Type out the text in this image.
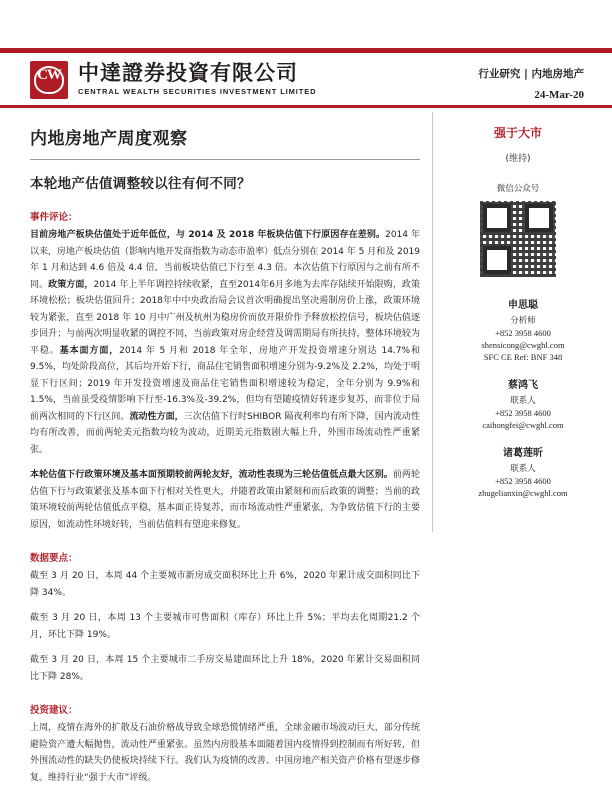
CW 中達證券投資有限公司
CENTRAL WEALTH SECURITIES INVESTMENT LIMITED
行业研究 | 内地房地产
24-Mar-20
内地房地产周度观察
本轮地产估值调整较以往有何不同？
事件评论：

目前房地产板块估值处于近年低位，与 2014 及 2018 年板块估值下行原因存在差别。2014 年以来，房地产板块估值（影响内地开发商指数为动态市盈率）低点分别在 2014 年 5 月和及 2019 年 1 月和达到 4.6 倍及 4.4 倍，当前板块估值已下行至 4.3 倍。本次估值下行原因与之前有所不同。政策方面，2014 年上半年调控持续收紧，直至2014年6月多地为去库存陆续开始限购，政策环境松松；板块估值回升；2018年中中央政治局会议首次明确提出坚决遏制房价上涨，政策环境较为紧张，直至 2018 年 10 月中广州及杭州为稳房价而放开限价作予释放松控信号，板块估值逐步回升；与前两次明显收紧的调控不同，当前政策对房企经营及调需期局有所扶持，整体环境较为平稳。基本面方面，2014 年 5 月和 2018 年全年，房地产开发投资增速分别达 14.7%和 9.5%，均处阶段高位，其后均开始下行，商品住宅销售面积增速分别为-9.2%及 2.2%，均处于明显下行区间；2019 年开发投资增速及商品住宅销售面积增速较为稳定，全年分别为 9.9%和 1.5%，当前虽受疫情影响下行至-16.3%及-39.2%，但均有望随疫情好转逐步复苏，而非位于局前两次相同的下行区间。流动性方面，三次估值下行时SHIBOR 隔夜利率均有所下降，国内流动性均有所改善，而前两轮美元指数均较为波动，近期美元指数剧大幅上升，外围市场流动性严重紧张。

本轮估值下行政策环境及基本面预期较前两轮友好，流动性表现为三轮估值低点最大区别。前两轮估值下行与政策紧张及基本面下行相对关性更大，并随着政策由紧刻和而后政策的调整；当前的政策环境较前两轮估值低点平稳，基本面正待复苏，而市场流动性严重紧张，为争致估值下行的主要原因，如流动性环境好转，当前估值料有望迎来修复。

数据要点：

截至 3 月 20 日，本周 44 个主要城市新房成交面积环比上升 6%，2020 年累计成交面积同比下降 34%。

截至 3 月 20 日，本周 13 个主要城市可售面积（库存）环比上升 5%；平均去化周期21.2 个月，环比下降 19%。

截至 3 月 20 日，本周 15 个主要城市二手房交易建面环比上升 18%，2020 年累计交易面积同比下降 28%。

投资建议：

上周，疫情在海外的扩散及石油价格战导致全球恐慌情绪严重，全球金融市场波动巨大，部分传统避险资产遭大幅抛售，流动性严重紧张。虽然内房股基本面随着国内疫情得到控制而有所好转，但外围流动性的缺失仍使板块持续下行。我们认为疫情的改善、中国房地产相关资产价格有望逐步修复。维持行业“强于大市”评级。

强于大市
(维持)
微信公众号
申思聪
分析师
+852 3958 4600
shensicong@cwghl.com
SFC CE Ref: BNF 348
蔡鸿飞
联系人
+852 3958 4600
caihongfei@cwghl.com
诸葛莲昕
联系人
+852 3958 4600
zhugelianxin@cwghl.com
